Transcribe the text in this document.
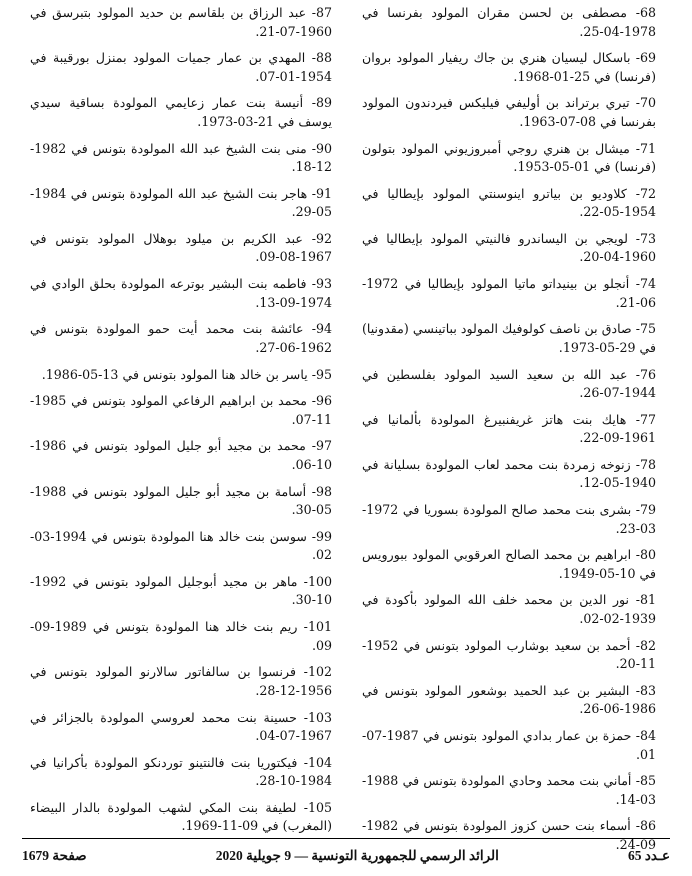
68- مصطفى بن لحسن مقران المولود بفرنسا في 1978-04-25.
69- باسكال ليسيان هنري بن جاك ريفيار المولود بروان (فرنسا) في 25-01-1968.
70- تيري برتراند بن أوليفي فيليكس فيردندون المولود بفرنسا في 08-07-1963.
71- ميشال بن هنري روجي أمبروزيوني المولود بتولون (فرنسا) في 01-05-1953.
72- كلاوديو بن بياترو اينوسنتي المولود بإيطاليا في 1954-05-22.
73- لويجي بن اليساندرو فالنيتي المولود بإيطاليا في 1960-04-20.
74- أنجلو بن بينيداتو ماتيا المولود بإيطاليا في 1972-06-21.
75- صادق بن ناصف كولوفيك المولود بباتينسي (مقدونيا) في 29-05-1973.
76- عبد الله بن سعيد السيد المولود بفلسطين في 1944-07-26.
77- هايك بنت هاتز غريفنبيرغ المولودة بألمانيا في 1961-09-22.
78- زنوخه زمردة بنت محمد لعاب المولودة بسليانة في 1940-05-12.
79- بشرى بنت محمد صالح المولودة بسوريا في 1972-03-23.
80- ابراهيم بن محمد الصالح العرقوبي المولود ببورويس في 10-05-1949.
81- نور الدين بن محمد خلف الله المولود بأكودة في 1939-02-02.
82- أحمد بن سعيد بوشارب المولود بتونس في 1952-11-20.
83- البشير بن عبد الحميد بوشعور المولود بتونس في 1986-06-26.
84- حمزة بن عمار بدادي المولود بتونس في 1987-07-01.
85- أماني بنت محمد وحادي المولودة بتونس في 1988-03-14.
86- أسماء بنت حسن كزوز المولودة بتونس في 1982-09-24.
87- عبد الرزاق بن بلقاسم بن حديد المولود بتبرسق في 1960-07-21.
88- المهدي بن عمار جميات المولود بمنزل بورقيبة في 1954-01-07.
89- أنيسة بنت عمار زعايمي المولودة بساقية سيدي يوسف في 21-03-1973.
90- منى بنت الشيخ عبد الله المولودة بتونس في 1982-12-18.
91- هاجر بنت الشيخ عبد الله المولودة بتونس في 1984-05-29.
92- عبد الكريم بن ميلود بوهلال المولود بتونس في 1967-08-09.
93- فاطمه بنت البشير بوترعه المولودة بحلق الوادي في 1974-09-13.
94- عائشة بنت محمد أيت حمو المولودة بتونس في 1962-06-27.
95- ياسر بن خالد هنا المولود بتونس في 13-05-1986.
96- محمد بن ابراهيم الرفاعي المولود بتونس في 1985-11-07.
97- محمد بن مجيد أبو جليل المولود بتونس في 1986-10-06.
98- أسامة بن مجيد أبو جليل المولود بتونس في 1988-05-30.
99- سوسن بنت خالد هنا المولودة بتونس في 1994-03-02.
100- ماهر بن مجيد أبوجليل المولود بتونس في 1992-10-30.
101- ريم بنت خالد هنا المولودة بتونس في 1989-09-09.
102- فرنسوا بن سالفاتور سالارنو المولود بتونس في 1956-12-28.
103- حسينة بنت محمد لعروسي المولودة بالجزائر في 1967-07-04.
104- فيكتوريا بنت فالنتينو توردنكو المولودة بأكرانيا في 1984-10-28.
105- لطيفة بنت المكي لشهب المولودة بالدار البيضاء (المغرب) في 09-11-1969.
عـدد 65
الرائد الرسمي للجمهورية التونسية — 9 جويلية 2020
صفحة 1679
